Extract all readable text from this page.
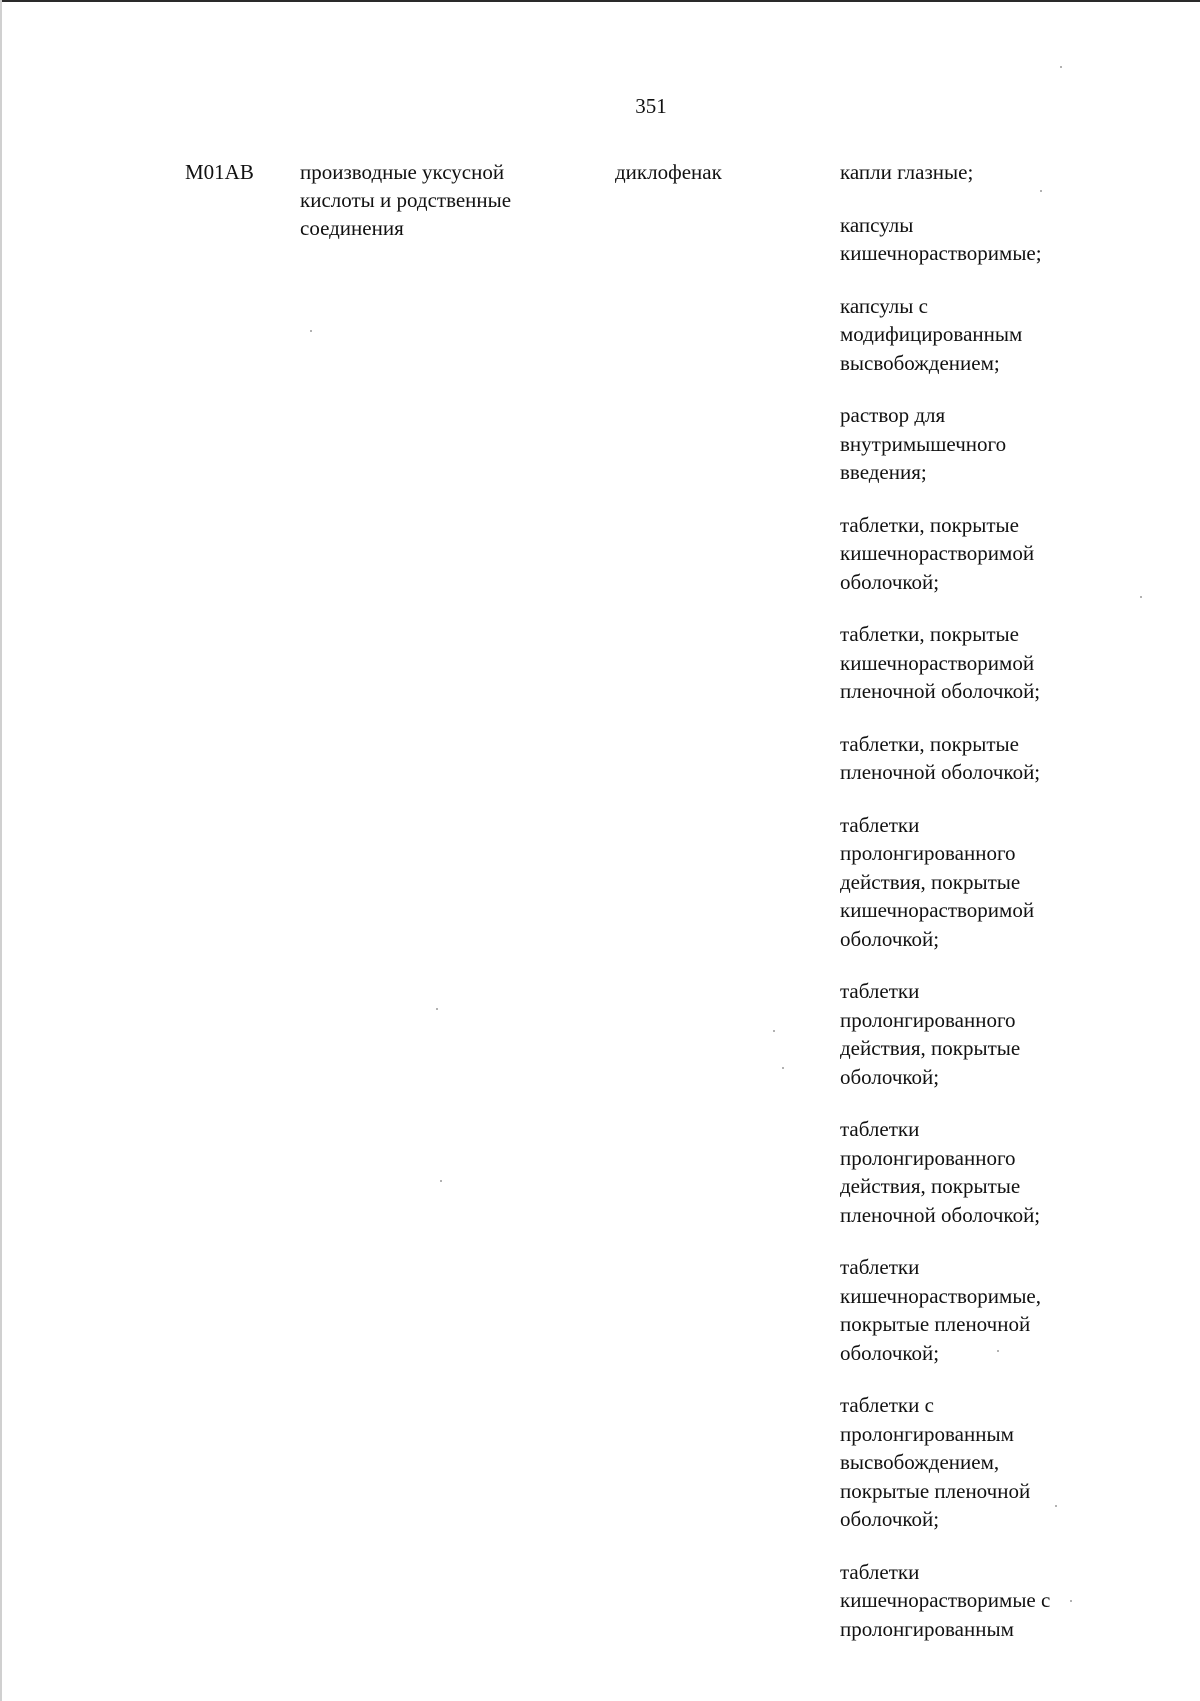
351
M01AB производные уксусной
кислоты и родственные
соединения
диклофенак	капли глазные;
капсулы
кишечнорастворимые;
капсулы с
модифицированным
высвобождением;
раствор для
внутримышечного
введения;
таблетки, покрытые
кишечнорастворимой
оболочкой;
таблетки, покрытые
кишечнорастворимой
пленочной оболочкой;
таблетки, покрытые
пленочной оболочкой;
таблетки
пролонгированного
действия, покрытые
кишечнорастворимой
оболочкой;
таблетки
пролонгированного
действия, покрытые
оболочкой;
таблетки
пролонгированного
действия, покрытые
пленочной оболочкой;
таблетки
кишечнорастворимые,
покрытые пленочной
оболочкой;
таблетки с
пролонгированным
высвобождением,
покрытые пленочной
оболочкой;
таблетки
кишечнорастворимые с
пролонгированным
